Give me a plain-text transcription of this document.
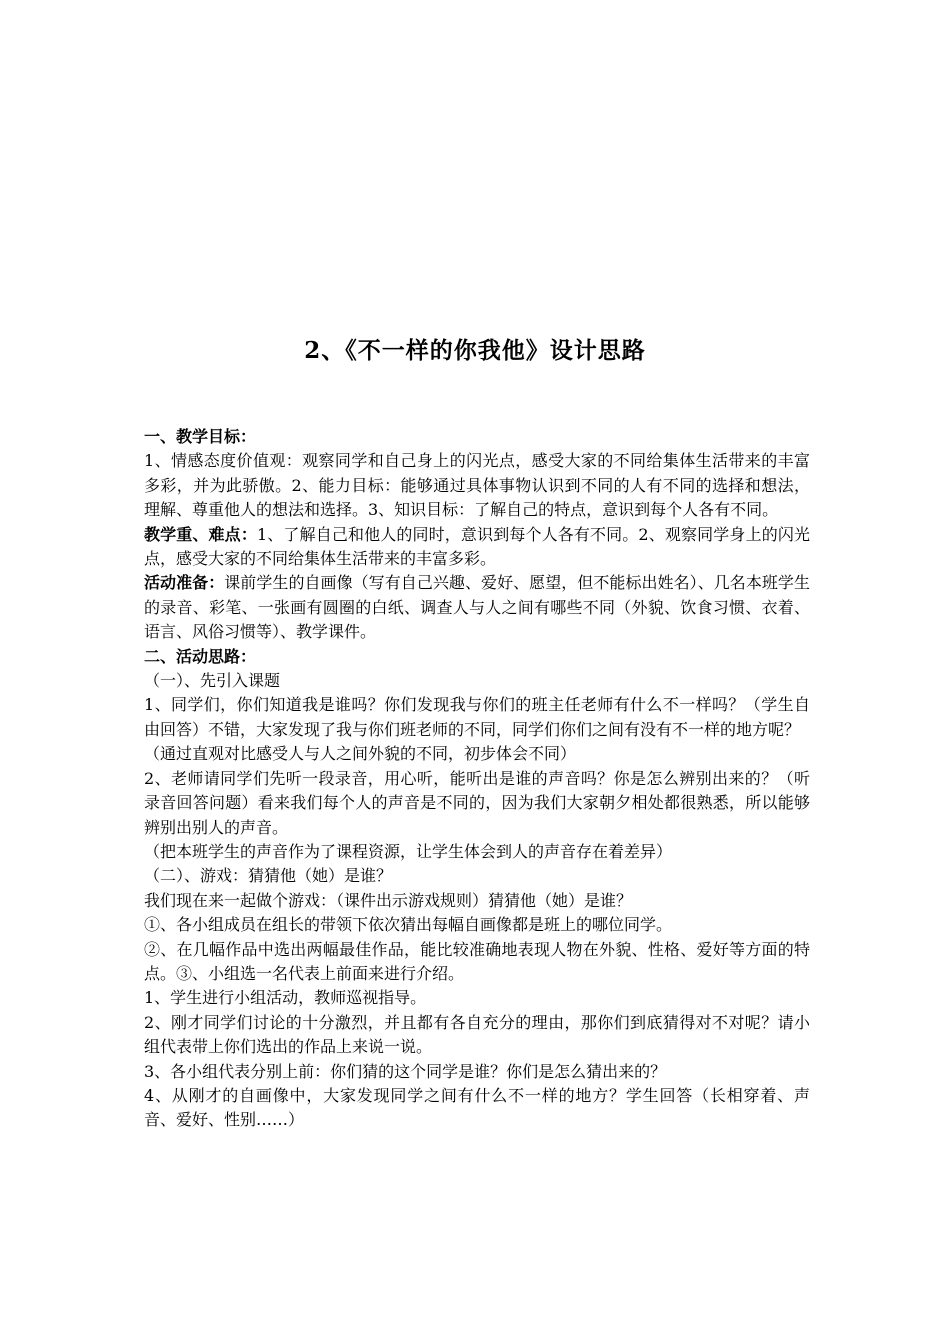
2、《不一样的你我他》设计思路

一、教学目标：

1、情感态度价值观：观察同学和自己身上的闪光点，感受大家的不同给集体生活带来的丰富多彩，并为此骄傲。2、能力目标：能够通过具体事物认识到不同的人有不同的选择和想法，理解、尊重他人的想法和选择。3、知识目标：了解自己的特点，意识到每个人各有不同。

教学重、难点：1、了解自己和他人的同时，意识到每个人各有不同。2、观察同学身上的闪光点，感受大家的不同给集体生活带来的丰富多彩。

活动准备：课前学生的自画像（写有自己兴趣、爱好、愿望，但不能标出姓名）、几名本班学生的录音、彩笔、一张画有圆圈的白纸、调查人与人之间有哪些不同（外貌、饮食习惯、衣着、语言、风俗习惯等）、教学课件。

二、活动思路：

（一）、先引入课题

1、同学们，你们知道我是谁吗？你们发现我与你们的班主任老师有什么不一样吗？（学生自由回答）不错，大家发现了我与你们班老师的不同，同学们你们之间有没有不一样的地方呢？

（通过直观对比感受人与人之间外貌的不同，初步体会不同）

2、老师请同学们先听一段录音，用心听，能听出是谁的声音吗？你是怎么辨别出来的？（听录音回答问题）看来我们每个人的声音是不同的，因为我们大家朝夕相处都很熟悉，所以能够辨别出别人的声音。

（把本班学生的声音作为了课程资源，让学生体会到人的声音存在着差异）

（二）、游戏：猜猜他（她）是谁？

我们现在来一起做个游戏：（课件出示游戏规则）猜猜他（她）是谁？

①、各小组成员在组长的带领下依次猜出每幅自画像都是班上的哪位同学。

②、在几幅作品中选出两幅最佳作品，能比较准确地表现人物在外貌、性格、爱好等方面的特点。③、小组选一名代表上前面来进行介绍。

1、学生进行小组活动，教师巡视指导。

2、刚才同学们讨论的十分激烈，并且都有各自充分的理由，那你们到底猜得对不对呢？请小组代表带上你们选出的作品上来说一说。

3、各小组代表分别上前：你们猜的这个同学是谁？你们是怎么猜出来的？

4、从刚才的自画像中，大家发现同学之间有什么不一样的地方？学生回答（长相穿着、声音、爱好、性别……）
